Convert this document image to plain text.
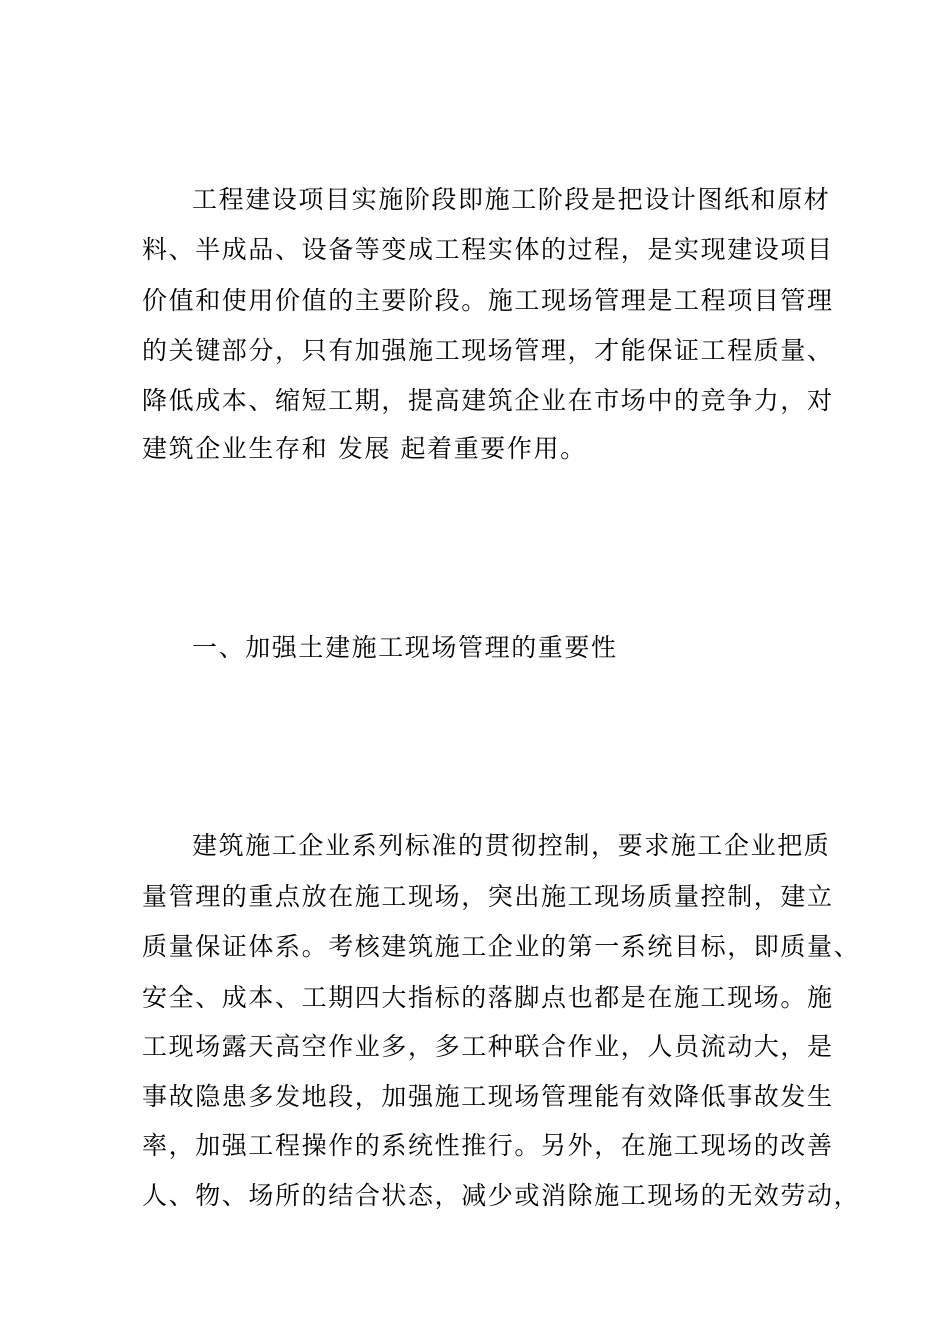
工程建设项目实施阶段即施工阶段是把设计图纸和原材
料、半成品、设备等变成工程实体的过程，是实现建设项目
价值和使用价值的主要阶段。施工现场管理是工程项目管理
的关键部分，只有加强施工现场管理，才能保证工程质量、
降低成本、缩短工期，提高建筑企业在市场中的竞争力，对
建筑企业生存和 发展 起着重要作用。
一、加强土建施工现场管理的重要性
建筑施工企业系列标准的贯彻控制，要求施工企业把质
量管理的重点放在施工现场，突出施工现场质量控制，建立
质量保证体系。考核建筑施工企业的第一系统目标，即质量、
安全、成本、工期四大指标的落脚点也都是在施工现场。施
工现场露天高空作业多，多工种联合作业，人员流动大，是
事故隐患多发地段，加强施工现场管理能有效降低事故发生
率，加强工程操作的系统性推行。另外，在施工现场的改善
人、物、场所的结合状态，减少或消除施工现场的无效劳动，
